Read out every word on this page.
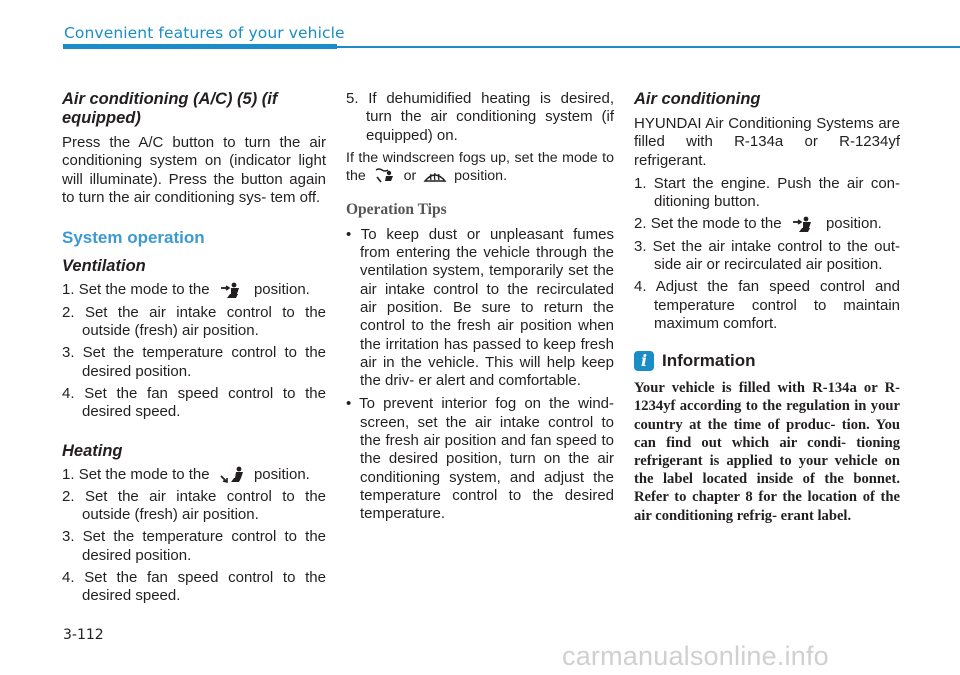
Convenient features of your vehicle
Air conditioning (A/C) (5) (if equipped)

Press the A/C button to turn the air conditioning system on (indicator light will illuminate). Press the button again to turn the air conditioning sys- tem off.

System operation
Ventilation
1. Set the mode to the	position.
2. Set the air intake control to the outside (fresh) air position.
3. Set the temperature control to the desired position.
4. Set the fan speed control to the desired speed.
Heating
1. Set the mode to the	position.
2. Set the air intake control to the outside (fresh) air position.
3. Set the temperature control to the desired position.
4. Set the fan speed control to the desired speed.
5. If dehumidified heating is desired, turn the air conditioning system (if equipped) on.

If the windscreen fogs up, set the mode to the	or	position.

Operation Tips
• To keep dust or unpleasant fumes from entering the vehicle through the ventilation system, temporarily set the air intake control to the recirculated air position. Be sure to return the control to the fresh air position when the irritation has passed to keep fresh air in the vehicle. This will help keep the driv- er alert and comfortable.
• To prevent interior fog on the wind- screen, set the air intake control to the fresh air position and fan speed to the desired position, turn on the air conditioning system, and adjust the temperature control to the desired temperature.
Air conditioning

HYUNDAI Air Conditioning Systems are filled with R-134a or R-1234yf refrigerant.

1. Start the engine. Push the air con- ditioning button.
2. Set the mode to the	position.
3. Set the air intake control to the out- side air or recirculated air position.
4. Adjust the fan speed control and temperature control to maintain maximum comfort.
i Information

Your vehicle is filled with R-134a or R-1234yf according to the regulation in your country at the time of produc- tion. You can find out which air condi- tioning refrigerant is applied to your vehicle on the label located inside of the bonnet. Refer to chapter 8 for the location of the air conditioning refrig- erant label.

3-112
carmanualsonline.info
